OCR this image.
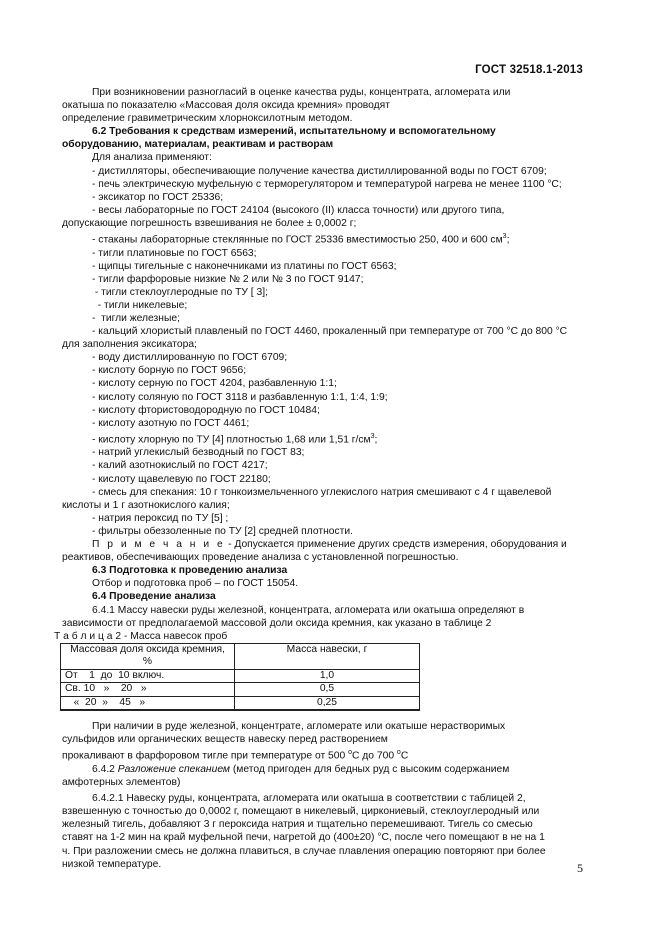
ГОСТ 32518.1-2013

При возникновении разногласий в оценке качества руды, концентрата, агломерата или

окатыша по показателю «Массовая доля оксида кремния» проводят

определение гравиметрическим хлорноксилотным методом.

6.2 Требования к средствам измерений, испытательному и вспомогательному

оборудованию, материалам, реактивам и растворам

Для анализа применяют:

- дистилляторы, обеспечивающие получение качества дистиллированной воды по ГОСТ 6709;

- печь электрическую муфельную с терморегулятором и температурой нагрева не менее 1100 °С;

- эксикатор по ГОСТ 25336;

- весы лабораторные по ГОСТ 24104 (высокого (II) класса точности) или другого типа,

допускающие погрешность взвешивания не более ± 0,0002 г;

- стаканы лабораторные стеклянные по ГОСТ 25336 вместимостью 250, 400 и 600 $см^3$;

- тигли платиновые по ГОСТ 6563;

- щипцы тигельные с наконечниками из платины по ГОСТ 6563;

- тигли фарфоровые низкие № 2 или № 3 по ГОСТ 9147;

- тигли стеклоуглеродные по ТУ [ 3];

- тигли никелевые;

-  тигли железные;

- кальций хлористый плавленый по ГОСТ 4460, прокаленный при температуре от 700 °С до 800 °С

для заполнения эксикатора;

- воду дистиллированную по ГОСТ 6709;

- кислоту борную по ГОСТ 9656;

- кислоту серную по ГОСТ 4204, разбавленную 1:1;

- кислоту соляную по ГОСТ 3118 и разбавленную 1:1, 1:4, 1:9;

- кислоту фтористоводородную по ГОСТ 10484;

- кислоту азотную по ГОСТ 4461;

- кислоту хлорную по ТУ [4] плотностью 1,68 или 1,51 $г/см^3$;

- натрий углекислый безводный по ГОСТ 83;

- калий азотнокислый по ГОСТ 4217;

- кислоту щавелевую по ГОСТ 22180;

- смесь для спекания: 10 г тонкоизмельченного углекислого натрия смешивают с 4 г щавелевой

кислоты и 1 г азотнокислого калия;

- натрия пероксид по ТУ [5] ;

- фильтры обеззоленные по ТУ [2] средней плотности.

П р и м е ч а н и е - Допускается применение других средств измерения, оборудования и

реактивов, обеспечивающих проведение анализа с установленной погрешностью.

6.3 Подготовка к проведению анализа

Отбор и подготовка проб – по ГОСТ 15054.

6.4 Проведение анализа

6.4.1 Массу навески руды железной, концентрата, агломерата или окатыша определяют в

зависимости от предполагаемой массовой доли оксида кремния, как указано в таблице 2

Т а б л и ц а 2 - Масса навесок проб

Массовая доля оксида кремния,
%	Масса навески, г
От    1  до  10 включ.	1,0
Св. 10   »    20   »	0,5
«  20  »    45   »	0,25

При наличии в руде железной, концентрате, агломерате или окатыше нерастворимых

сульфидов или органических веществ навеску перед растворением

прокаливают в фарфоровом тигле при температуре от 500 $^о$С до 700 $^о$С

6.4.2 Разложение спеканием (метод пригоден для бедных руд с высоким содержанием

амфотерных элементов)

6.4.2.1 Навеску руды, концентрата, агломерата или окатыша в соответствии с таблицей 2,

взвешенную с точностью до 0,0002 г, помещают в никелевый, циркониевый, стеклоуглеродный или

железный тигель, добавляют 3 г пероксида натрия и тщательно перемешивают. Тигель со смесью

ставят на 1-2 мин на край муфельной печи, нагретой до (400±20) °С, после чего помещают в не на 1

ч. При разложении смесь не должна плавиться, в случае плавления операцию повторяют при более

низкой температуре.	5
